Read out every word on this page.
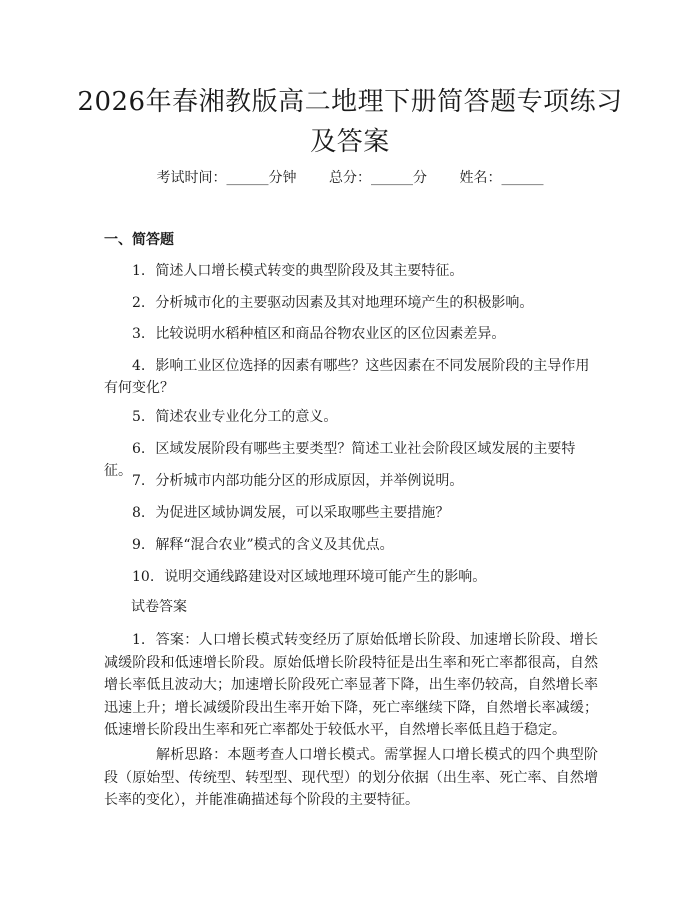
2026年春湘教版高二地理下册简答题专项练习及答案
考试时间：______分钟 总分：______分 姓名：______
一、简答题

1. 简述人口增长模式转变的典型阶段及其主要特征。

2. 分析城市化的主要驱动因素及其对地理环境产生的积极影响。

3. 比较说明水稻种植区和商品谷物农业区的区位因素差异。

4. 影响工业区位选择的因素有哪些？这些因素在不同发展阶段的主导作用有何变化？

5. 简述农业专业化分工的意义。

6. 区域发展阶段有哪些主要类型？简述工业社会阶段区域发展的主要特征。

7. 分析城市内部功能分区的形成原因，并举例说明。

8. 为促进区域协调发展，可以采取哪些主要措施？

9. 解释“混合农业”模式的含义及其优点。

10. 说明交通线路建设对区域地理环境可能产生的影响。

试卷答案

1. 答案：人口增长模式转变经历了原始低增长阶段、加速增长阶段、增长减缓阶段和低速增长阶段。原始低增长阶段特征是出生率和死亡率都很高，自然增长率低且波动大；加速增长阶段死亡率显著下降，出生率仍较高，自然增长率迅速上升；增长减缓阶段出生率开始下降，死亡率继续下降，自然增长率减缓；低速增长阶段出生率和死亡率都处于较低水平，自然增长率低且趋于稳定。

解析思路：本题考查人口增长模式。需掌握人口增长模式的四个典型阶段（原始型、传统型、转型型、现代型）的划分依据（出生率、死亡率、自然增长率的变化），并能准确描述每个阶段的主要特征。
